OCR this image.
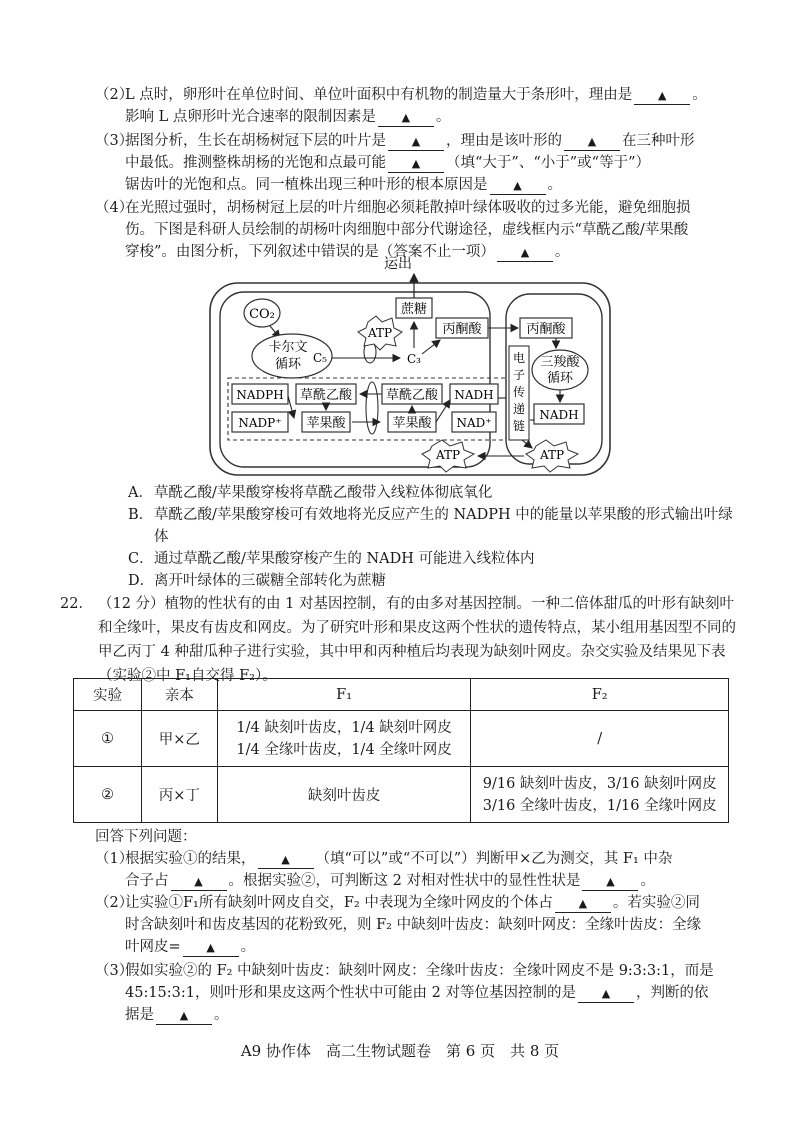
（2）
L 点时，卵形叶在单位时间、单位叶面积中有机物的制造量大于条形叶，理由是 ▲ 。
影响 L 点卵形叶光合速率的限制因素是 ▲ 。
（3）
据图分析，生长在胡杨树冠下层的叶片是 ▲ ，理由是该叶形的 ▲ 在三种叶形
中最低。推测整株胡杨的光饱和点最可能 ▲ （填“大于”、“小于”或“等于”）
锯齿叶的光饱和点。同一植株出现三种叶形的根本原因是 ▲ 。
（4）
在光照过强时，胡杨树冠上层的叶片细胞必须耗散掉叶绿体吸收的过多光能，避免细胞损
伤。下图是科研人员绘制的胡杨叶肉细胞中部分代谢途径，虚线框内示“草酰乙酸/苹果酸
穿梭”。由图分析，下列叙述中错误的是（答案不止一项） ▲ 。
运出
蔗糖
CO₂
卡尔文
循环 C₅	C₃
ATP	丙酮酸	丙酮酸
三羧酸
循环
NADH
电
子
传
递
链
ATP
ATP
NADPH 草酰乙酸
NADP⁺ 苹果酸
草酰乙酸 NADH
苹果酸 NAD⁺
A． 草酰乙酸/苹果酸穿梭将草酰乙酸带入线粒体彻底氧化
B． 草酰乙酸/苹果酸穿梭可有效地将光反应产生的 NADPH 中的能量以苹果酸的形式输出叶绿体
C． 通过草酰乙酸/苹果酸穿梭产生的 NADH 可能进入线粒体内
D． 离开叶绿体的三碳糖全部转化为蔗糖
22． （12 分）植物的性状有的由 1 对基因控制，有的由多对基因控制。一种二倍体甜瓜的叶形有缺刻叶和全缘叶，果皮有齿皮和网皮。为了研究叶形和果皮这两个性状的遗传特点，某小组用基因型不同的甲乙丙丁 4 种甜瓜种子进行实验，其中甲和丙种植后均表现为缺刻叶网皮。杂交实验及结果见下表（实验②中 F₁自交得 F₂）。
实验	亲本	F₁	F₂
①	甲×乙	1/4 缺刻叶齿皮，1/4 缺刻叶网皮
1/4 全缘叶齿皮，1/4 全缘叶网皮	/
②	丙×丁	缺刻叶齿皮	9/16 缺刻叶齿皮，3/16 缺刻叶网皮
3/16 全缘叶齿皮，1/16 全缘叶网皮
回答下列问题：
（1）
根据实验①的结果， ▲ （填“可以”或“不可以”）判断甲×乙为测交，其 F₁ 中杂
合子占 ▲ 。根据实验②，可判断这 2 对相对性状中的显性性状是 ▲ 。
（2）
让实验①F₁所有缺刻叶网皮自交，F₂ 中表现为全缘叶网皮的个体占 ▲ 。若实验②同
时含缺刻叶和齿皮基因的花粉致死，则 F₂ 中缺刻叶齿皮：缺刻叶网皮：全缘叶齿皮：全缘
叶网皮= ▲ 。
（3）
假如实验②的 F₂ 中缺刻叶齿皮：缺刻叶网皮：全缘叶齿皮：全缘叶网皮不是 9:3:3:1，而是
45:15:3:1，则叶形和果皮这两个性状中可能由 2 对等位基因控制的是 ▲ ，判断的依
据是 ▲ 。
A9 协作体　高二生物试题卷　第 6 页　共 8 页
